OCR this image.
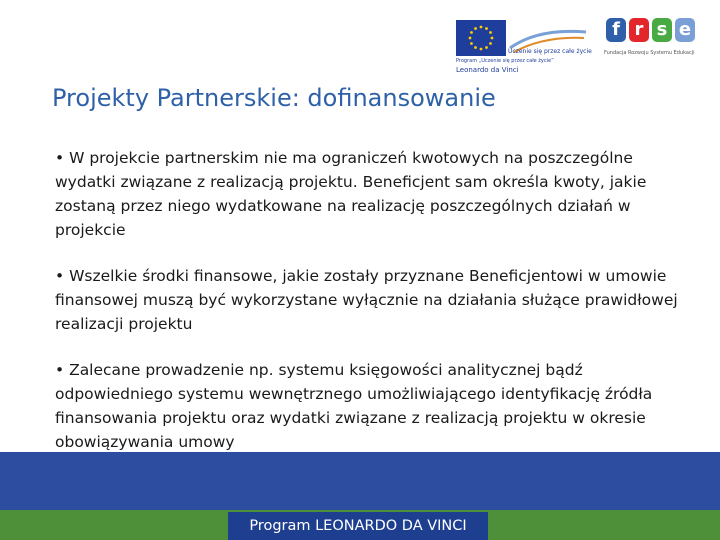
Uczenie się przez całe życie
Program „Uczenie się przez całe życie”
Leonardo da Vinci
f r s e
Fundacja Rozwoju Systemu Edukacji
Projekty Partnerskie: dofinansowanie

• W projekcie partnerskim nie ma ograniczeń kwotowych na poszczególne wydatki związane z realizacją projektu. Beneficjent sam określa kwoty, jakie zostaną przez niego wydatkowane na realizację poszczególnych działań w projekcie

• Wszelkie środki finansowe, jakie zostały przyznane Beneficjentowi w umowie finansowej muszą być wykorzystane wyłącznie na działania służące prawidłowej realizacji projektu

• Zalecane prowadzenie np. systemu księgowości analitycznej bądź odpowiedniego systemu wewnętrznego umożliwiającego identyfikację źródła finansowania projektu oraz wydatki związane z realizacją projektu w okresie obowiązywania umowy

Program LEONARDO DA VINCI
